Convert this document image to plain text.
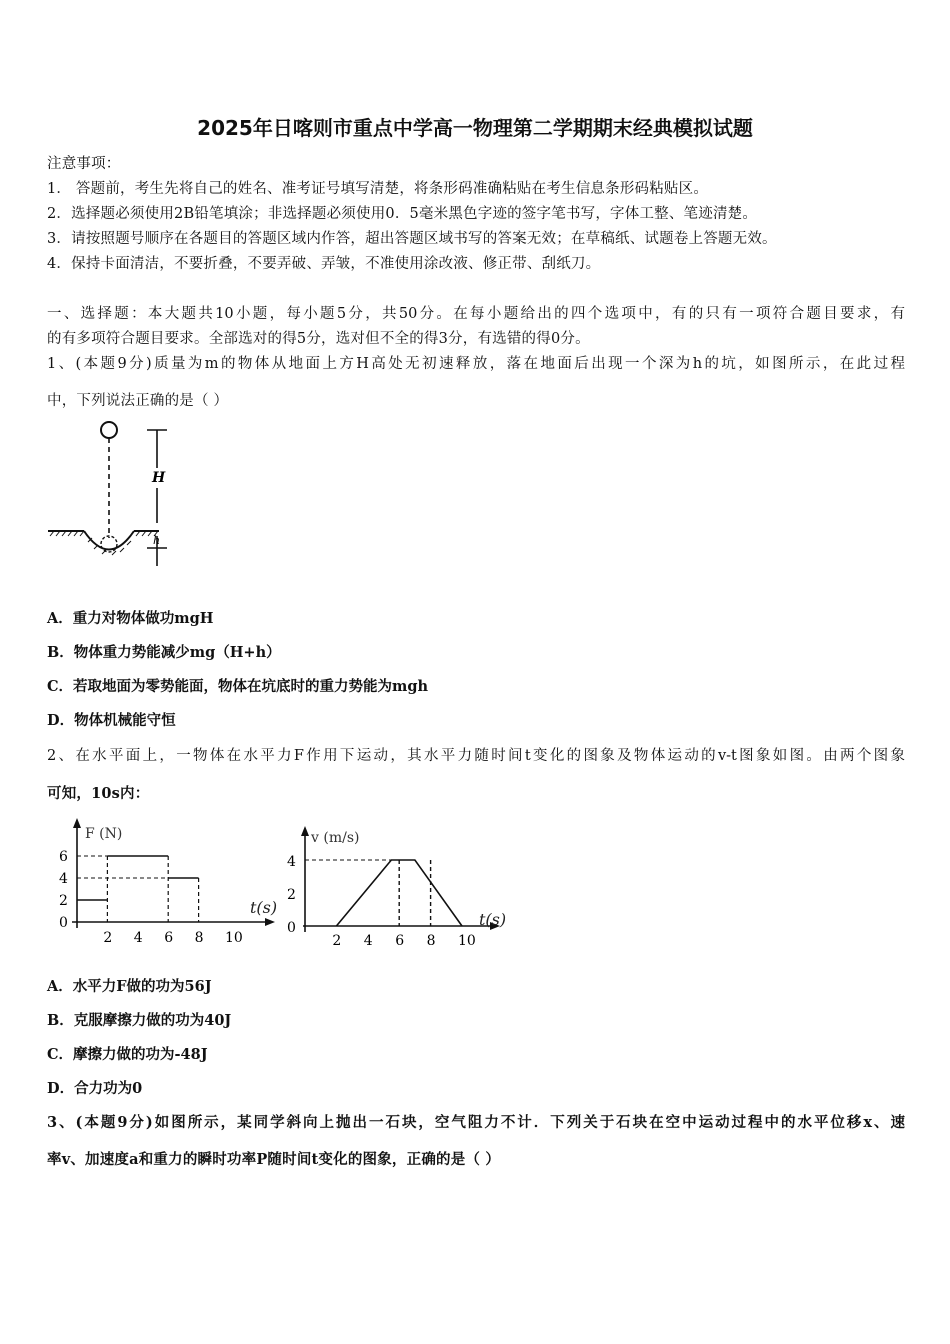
2025年日喀则市重点中学高一物理第二学期期末经典模拟试题
注意事项：
1． 答题前，考生先将自己的姓名、准考证号填写清楚，将条形码准确粘贴在考生信息条形码粘贴区。
2．选择题必须使用2B铅笔填涂；非选择题必须使用0．5毫米黑色字迹的签字笔书写，字体工整、笔迹清楚。
3．请按照题号顺序在各题目的答题区域内作答，超出答题区域书写的答案无效；在草稿纸、试题卷上答题无效。
4．保持卡面清洁，不要折叠，不要弄破、弄皱，不准使用涂改液、修正带、刮纸刀。
一、选择题：本大题共10小题，每小题5分，共50分。在每小题给出的四个选项中，有的只有一项符合题目要求，有
的有多项符合题目要求。全部选对的得5分，选对但不全的得3分，有选错的得0分。
1、(本题9分)质量为m的物体从地面上方H高处无初速释放，落在地面后出现一个深为h的坑，如图所示，在此过程
中，下列说法正确的是（ ）
H
h
A．重力对物体做功mgH
B．物体重力势能减少mg（H+h）
C．若取地面为零势能面，物体在坑底时的重力势能为mgh
D．物体机械能守恒
2、在水平面上，一物体在水平力F作用下运动，其水平力随时间t变化的图象及物体运动的v-t图象如图。由两个图象
可知，10s内：
F (N)
t(s)
2 4 6 8 10
0
2
4
6
v (m/s)
t(s)
2 4 6 8 10
0
2
4
A．水平力F做的功为56J
B．克服摩擦力做的功为40J
C．摩擦力做的功为-48J
D．合力功为0
3、(本题9分)如图所示，某同学斜向上抛出一石块，空气阻力不计．下列关于石块在空中运动过程中的水平位移x、速
率v、加速度a和重力的瞬时功率P随时间t变化的图象，正确的是（ ）
